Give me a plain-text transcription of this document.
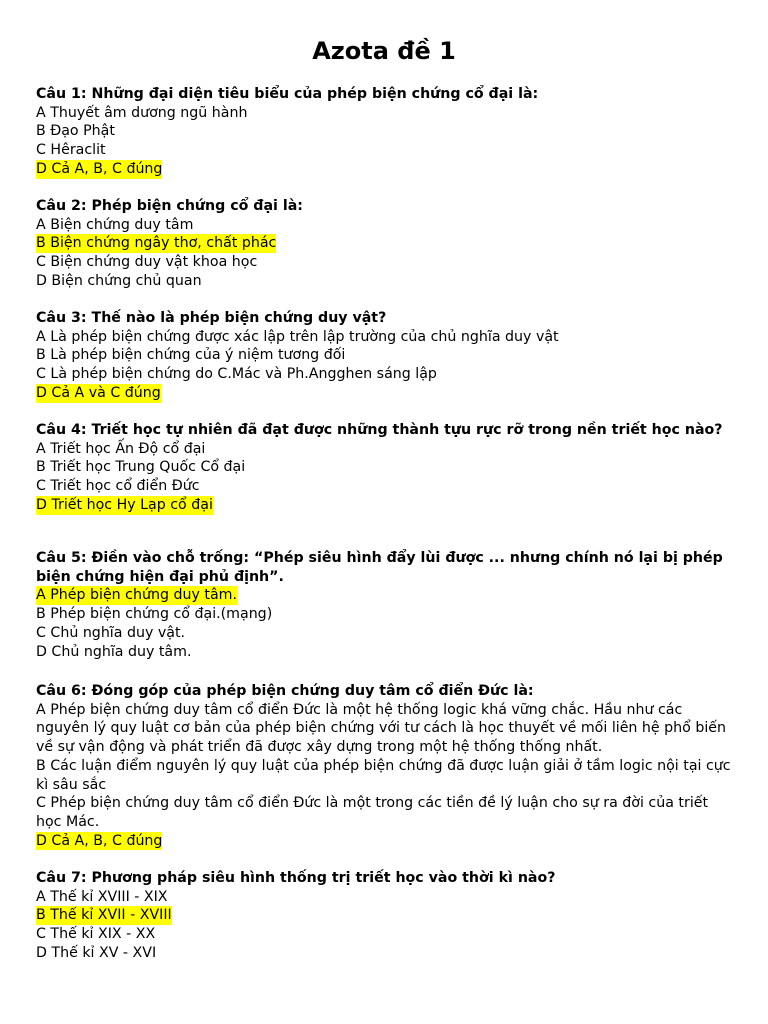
Azota đề 1
Câu 1: Những đại diện tiêu biểu của phép biện chứng cổ đại là:
A Thuyết âm dương ngũ hành
B Đạo Phật
C Hêraclit
D Cả A, B, C đúng
Câu 2: Phép biện chứng cổ đại là:
A Biện chứng duy tâm
B Biện chứng ngây thơ, chất phác
C Biện chứng duy vật khoa học
D Biện chứng chủ quan
Câu 3: Thế nào là phép biện chứng duy vật?
A Là phép biện chứng được xác lập trên lập trường của chủ nghĩa duy vật
B Là phép biện chứng của ý niệm tương đối
C Là phép biện chứng do C.Mác và Ph.Angghen sáng lập
D Cả A và C đúng
Câu 4: Triết học tự nhiên đã đạt được những thành tựu rực rỡ trong nền triết học nào?
A Triết học Ấn Độ cổ đại
B Triết học Trung Quốc Cổ đại
C Triết học cổ điển Đức
D Triết học Hy Lạp cổ đại
Câu 5: Điền vào chỗ trống: “Phép siêu hình đẩy lùi được ... nhưng chính nó lại bị phép biện chứng hiện đại phủ định”.
A Phép biện chứng duy tâm.
B Phép biện chứng cổ đại.(mạng)
C Chủ nghĩa duy vật.
D Chủ nghĩa duy tâm.
Câu 6: Đóng góp của phép biện chứng duy tâm cổ điển Đức là:
A Phép biện chứng duy tâm cổ điển Đức là một hệ thống logic khá vững chắc. Hầu như các nguyên lý quy luật cơ bản của phép biện chứng với tư cách là học thuyết về mối liên hệ phổ biến về sự vận động và phát triển đã được xây dựng trong một hệ thống thống nhất.
B Các luận điểm nguyên lý quy luật của phép biện chứng đã được luận giải ở tầm logic nội tại cực kì sâu sắc
C Phép biện chứng duy tâm cổ điển Đức là một trong các tiền đề lý luận cho sự ra đời của triết học Mác.
D Cả A, B, C đúng
Câu 7: Phương pháp siêu hình thống trị triết học vào thời kì nào?
A Thế kỉ XVIII - XIX
B Thế kỉ XVII - XVIII
C Thế kỉ XIX - XX
D Thế kỉ XV - XVI
